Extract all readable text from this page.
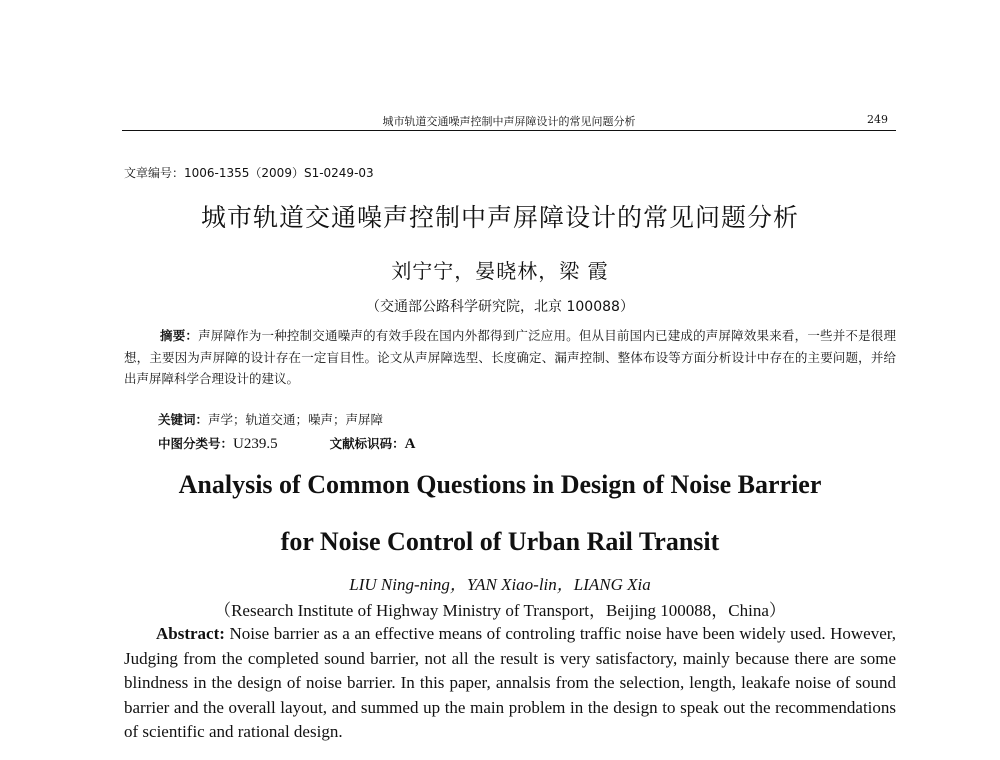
城市轨道交通噪声控制中声屏障设计的常见问题分析	249
文章编号：1006-1355（2009）S1-0249-03
城市轨道交通噪声控制中声屏障设计的常见问题分析
刘宁宁，晏晓林，梁 霞
（交通部公路科学研究院，北京 100088）
摘要：声屏障作为一种控制交通噪声的有效手段在国内外都得到广泛应用。但从目前国内已建成的声屏障效果来看，一些并不是很理想，主要因为声屏障的设计存在一定盲目性。论文从声屏障选型、长度确定、漏声控制、整体布设等方面分析设计中存在的主要问题，并给出声屏障科学合理设计的建议。
关键词：声学；轨道交通；噪声；声屏障
中图分类号：U239.5	文献标识码：A
Analysis of Common Questions in Design of Noise Barrier
for Noise Control of Urban Rail Transit
LIU Ning-ning，YAN Xiao-lin，LIANG Xia
（Research Institute of Highway Ministry of Transport，Beijing 100088，China）
Abstract: Noise barrier as a an effective means of controling traffic noise have been widely used. However, Judging from the completed sound barrier, not all the result is very satisfactory, mainly because there are some blindness in the design of noise barrier. In this paper, annalsis from the selection, length, leakafe noise of sound barrier and the overall layout, and summed up the main problem in the design to speak out the recommendations of scientific and rational design.
